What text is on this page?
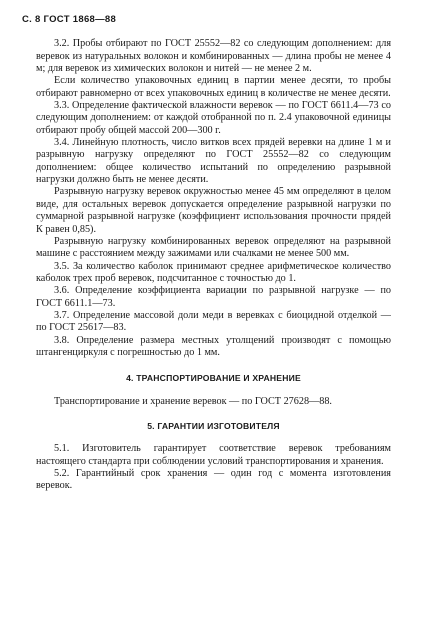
С. 8 ГОСТ 1868—88

3.2. Пробы отбирают по ГОСТ 25552—82 со следующим дополнением: для веревок из натуральных волокон и комбинированных — длина пробы не менее 4 м; для веревок из химических волокон и нитей — не менее 2 м.

Если количество упаковочных единиц в партии менее десяти, то пробы отбирают равномерно от всех упаковочных единиц в количестве не менее десяти.

3.3. Определение фактической влажности веревок — по ГОСТ 6611.4—73 со следующим дополнением: от каждой отобранной по п. 2.4 упаковочной единицы отбирают пробу общей массой 200—300 г.

3.4. Линейную плотность, число витков всех прядей веревки на длине 1 м и разрывную нагрузку определяют по ГОСТ 25552—82 со следующим дополнением: общее количество испытаний по определению разрывной нагрузки должно быть не менее десяти.

Разрывную нагрузку веревок окружностью менее 45 мм определяют в целом виде, для остальных веревок допускается определение разрывной нагрузки по суммарной разрывной нагрузке (коэффициент использования прочности прядей К равен 0,85).

Разрывную нагрузку комбинированных веревок определяют на разрывной машине с расстоянием между зажимами или счалками не менее 500 мм.

3.5. За количество каболок принимают среднее арифметическое количество каболок трех проб веревок, подсчитанное с точностью до 1.

3.6. Определение коэффициента вариации по разрывной нагрузке — по ГОСТ 6611.1—73.

3.7. Определение массовой доли меди в веревках с биоцидной отделкой — по ГОСТ 25617—83.

3.8. Определение размера местных утолщений производят с помощью штангенциркуля с погрешностью до 1 мм.

4. ТРАНСПОРТИРОВАНИЕ И ХРАНЕНИЕ

Транспортирование и хранение веревок — по ГОСТ 27628—88.

5. ГАРАНТИИ ИЗГОТОВИТЕЛЯ

5.1. Изготовитель гарантирует соответствие веревок требованиям настоящего стандарта при соблюдении условий транспортирования и хранения.

5.2. Гарантийный срок хранения — один год с момента изготовления веревок.
